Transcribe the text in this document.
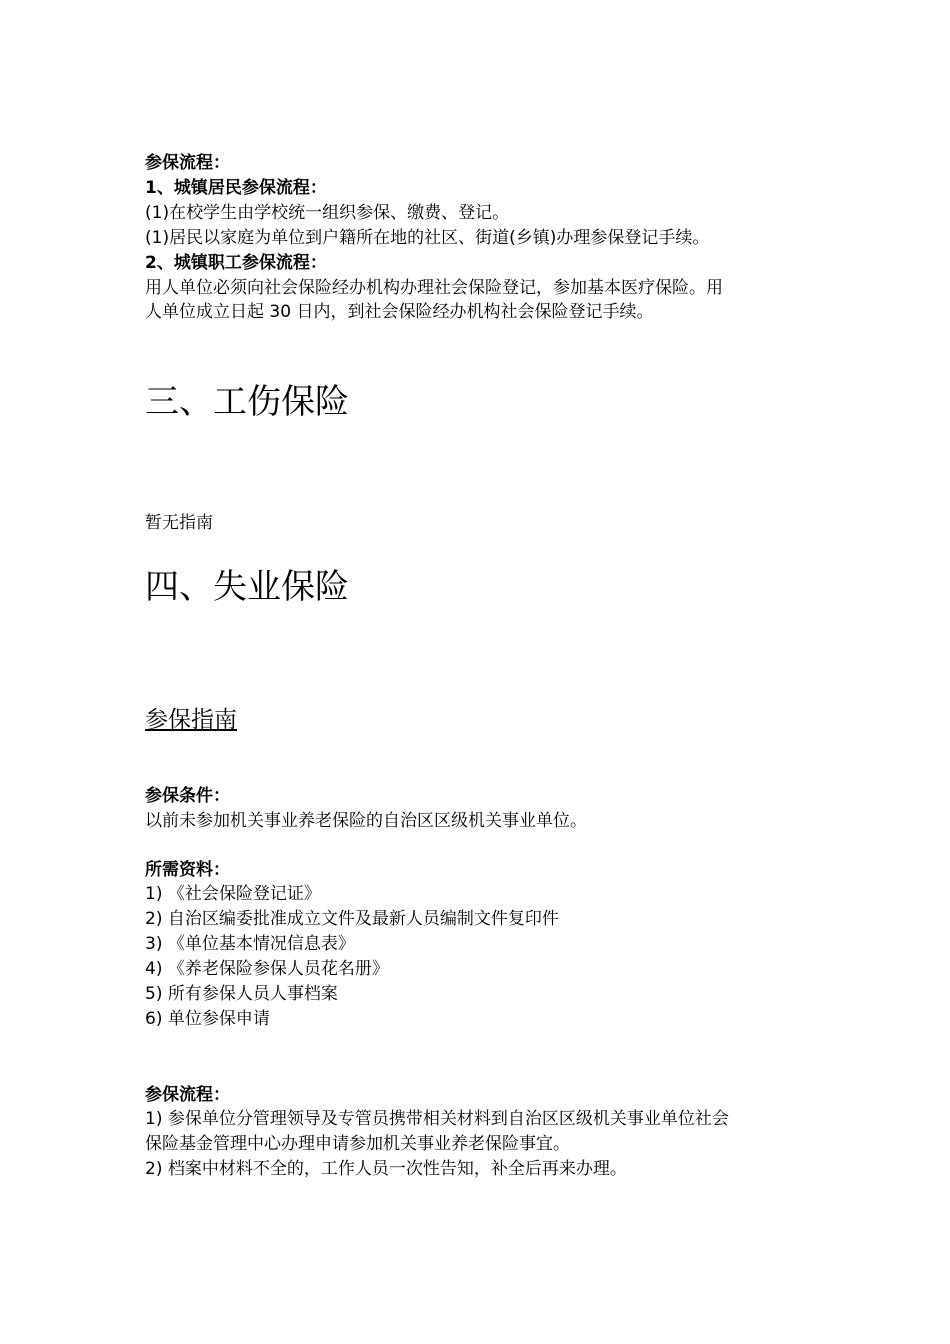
参保流程：
1、城镇居民参保流程：
(1)在校学生由学校统一组织参保、缴费、登记。
(1)居民以家庭为单位到户籍所在地的社区、街道(乡镇)办理参保登记手续。
2、城镇职工参保流程：
用人单位必须向社会保险经办机构办理社会保险登记，参加基本医疗保险。用
人单位成立日起 30 日内，到社会保险经办机构社会保险登记手续。
三、工伤保险
暂无指南
四、失业保险
参保指南
参保条件：
以前未参加机关事业养老保险的自治区区级机关事业单位。
所需资料：
1) 《社会保险登记证》
2) 自治区编委批准成立文件及最新人员编制文件复印件
3) 《单位基本情况信息表》
4) 《养老保险参保人员花名册》
5) 所有参保人员人事档案
6) 单位参保申请
参保流程：
1) 参保单位分管理领导及专管员携带相关材料到自治区区级机关事业单位社会
保险基金管理中心办理申请参加机关事业养老保险事宜。
2) 档案中材料不全的，工作人员一次性告知，补全后再来办理。
